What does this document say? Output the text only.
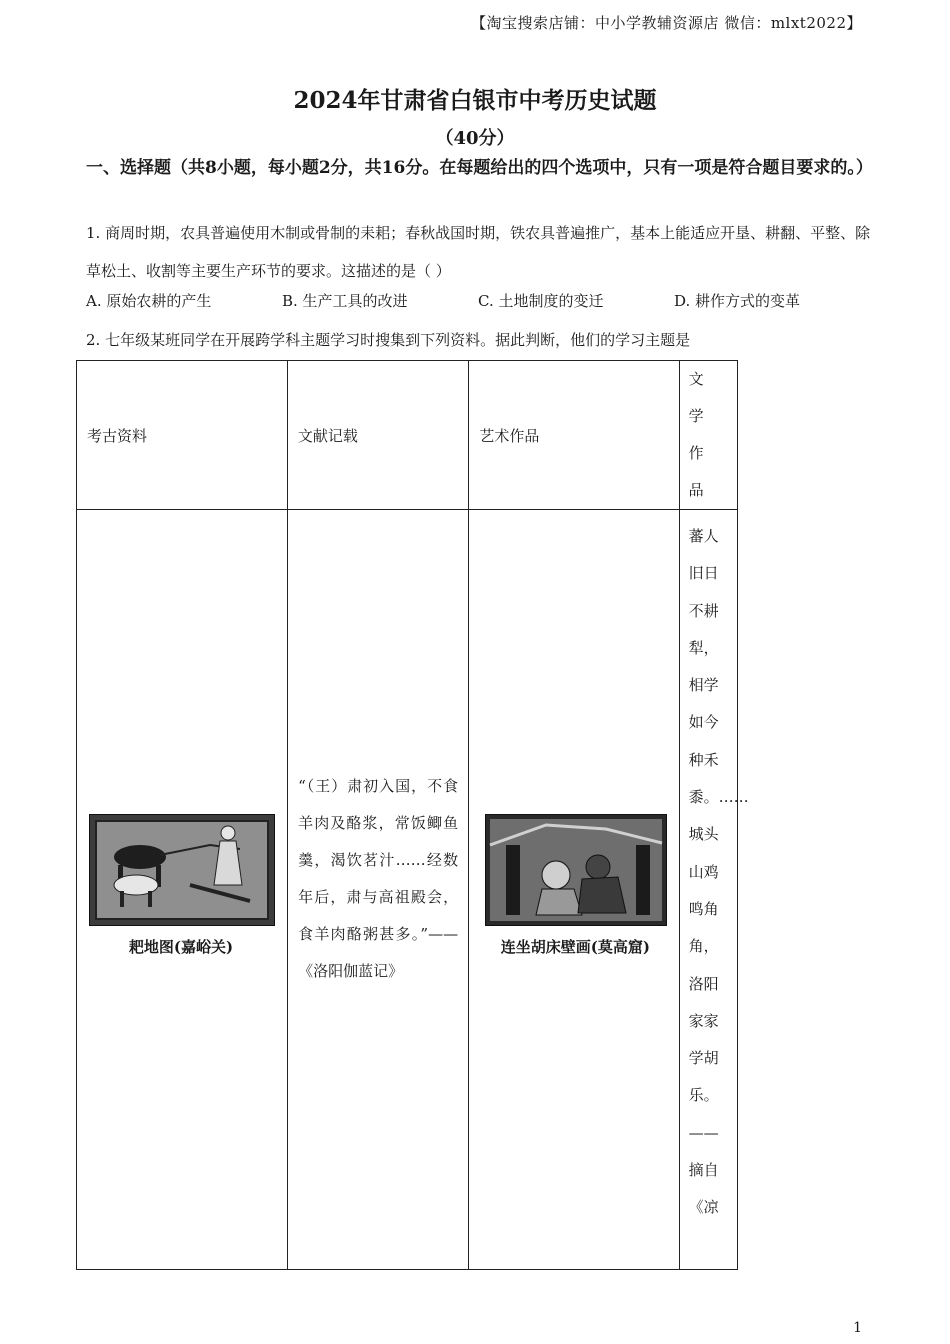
【淘宝搜索店铺：中小学教辅资源店 微信：mlxt2022】
2024年甘肃省白银市中考历史试题
（40分）
一、选择题（共8小题，每小题2分，共16分。在每题给出的四个选项中，只有一项是符合题目要求的。）
1. 商周时期，农具普遍使用木制或骨制的耒耜；春秋战国时期，铁农具普遍推广，基本上能适应开垦、耕翻、平整、除草松土、收割等主要生产环节的要求。这描述的是（ ）
A. 原始农耕的产生	B. 生产工具的改进	C. 土地制度的变迁	D. 耕作方式的变革
2. 七年级某班同学在开展跨学科主题学习时搜集到下列资料。据此判断，他们的学习主题是
考古资料	文献记载	艺术作品	文学作品

耙地图(嘉峪关)	“（王）肃初入国，不食羊肉及酪浆，常饭鲫鱼羹，渴饮茗汁……经数年后，肃与高祖殿会，食羊肉酪粥甚多。”——《洛阳伽蓝记》	连坐胡床壁画(莫高窟)	蕃人旧日不耕犁，相学如今种禾黍。……城头山鸡鸣角角，洛阳家家学胡乐。——摘自《凉
1
